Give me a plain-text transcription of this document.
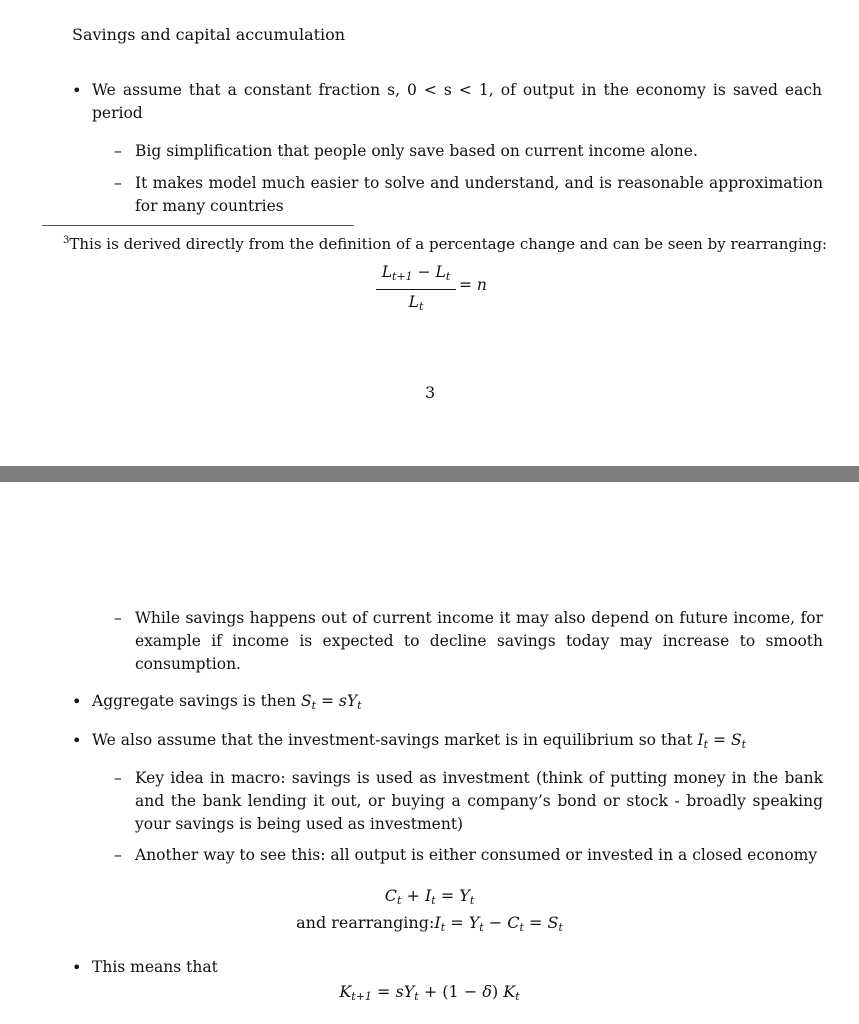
Savings and capital accumulation
• We assume that a constant fraction s, 0 < s < 1, of output in the economy is saved each period
– Big simplification that people only save based on current income alone.
– It makes model much easier to solve and understand, and is reasonable approximation for many countries
$^3$This is derived directly from the definition of a percentage change and can be seen by rearranging:
$L_{t+1} - L_t$
$L_t$
= n
3
– While savings happens out of current income it may also depend on future income, for example if income is expected to decline savings today may increase to smooth consumption.
• Aggregate savings is then $S_t = sY_t$
• We also assume that the investment-savings market is in equilibrium so that $I_t = S_t$
– Key idea in macro: savings is used as investment (think of putting money in the bank and the bank lending it out, or buying a company’s bond or stock - broadly speaking your savings is being used as investment)
– Another way to see this: all output is either consumed or invested in a closed economy
$C_t + I_t = Y_t$
and $rearranging:I_t = Y_t - C_t = S_t$
• This means that
$K_{t+1} = sY_t + (1 - \delta)$ $K_t$
